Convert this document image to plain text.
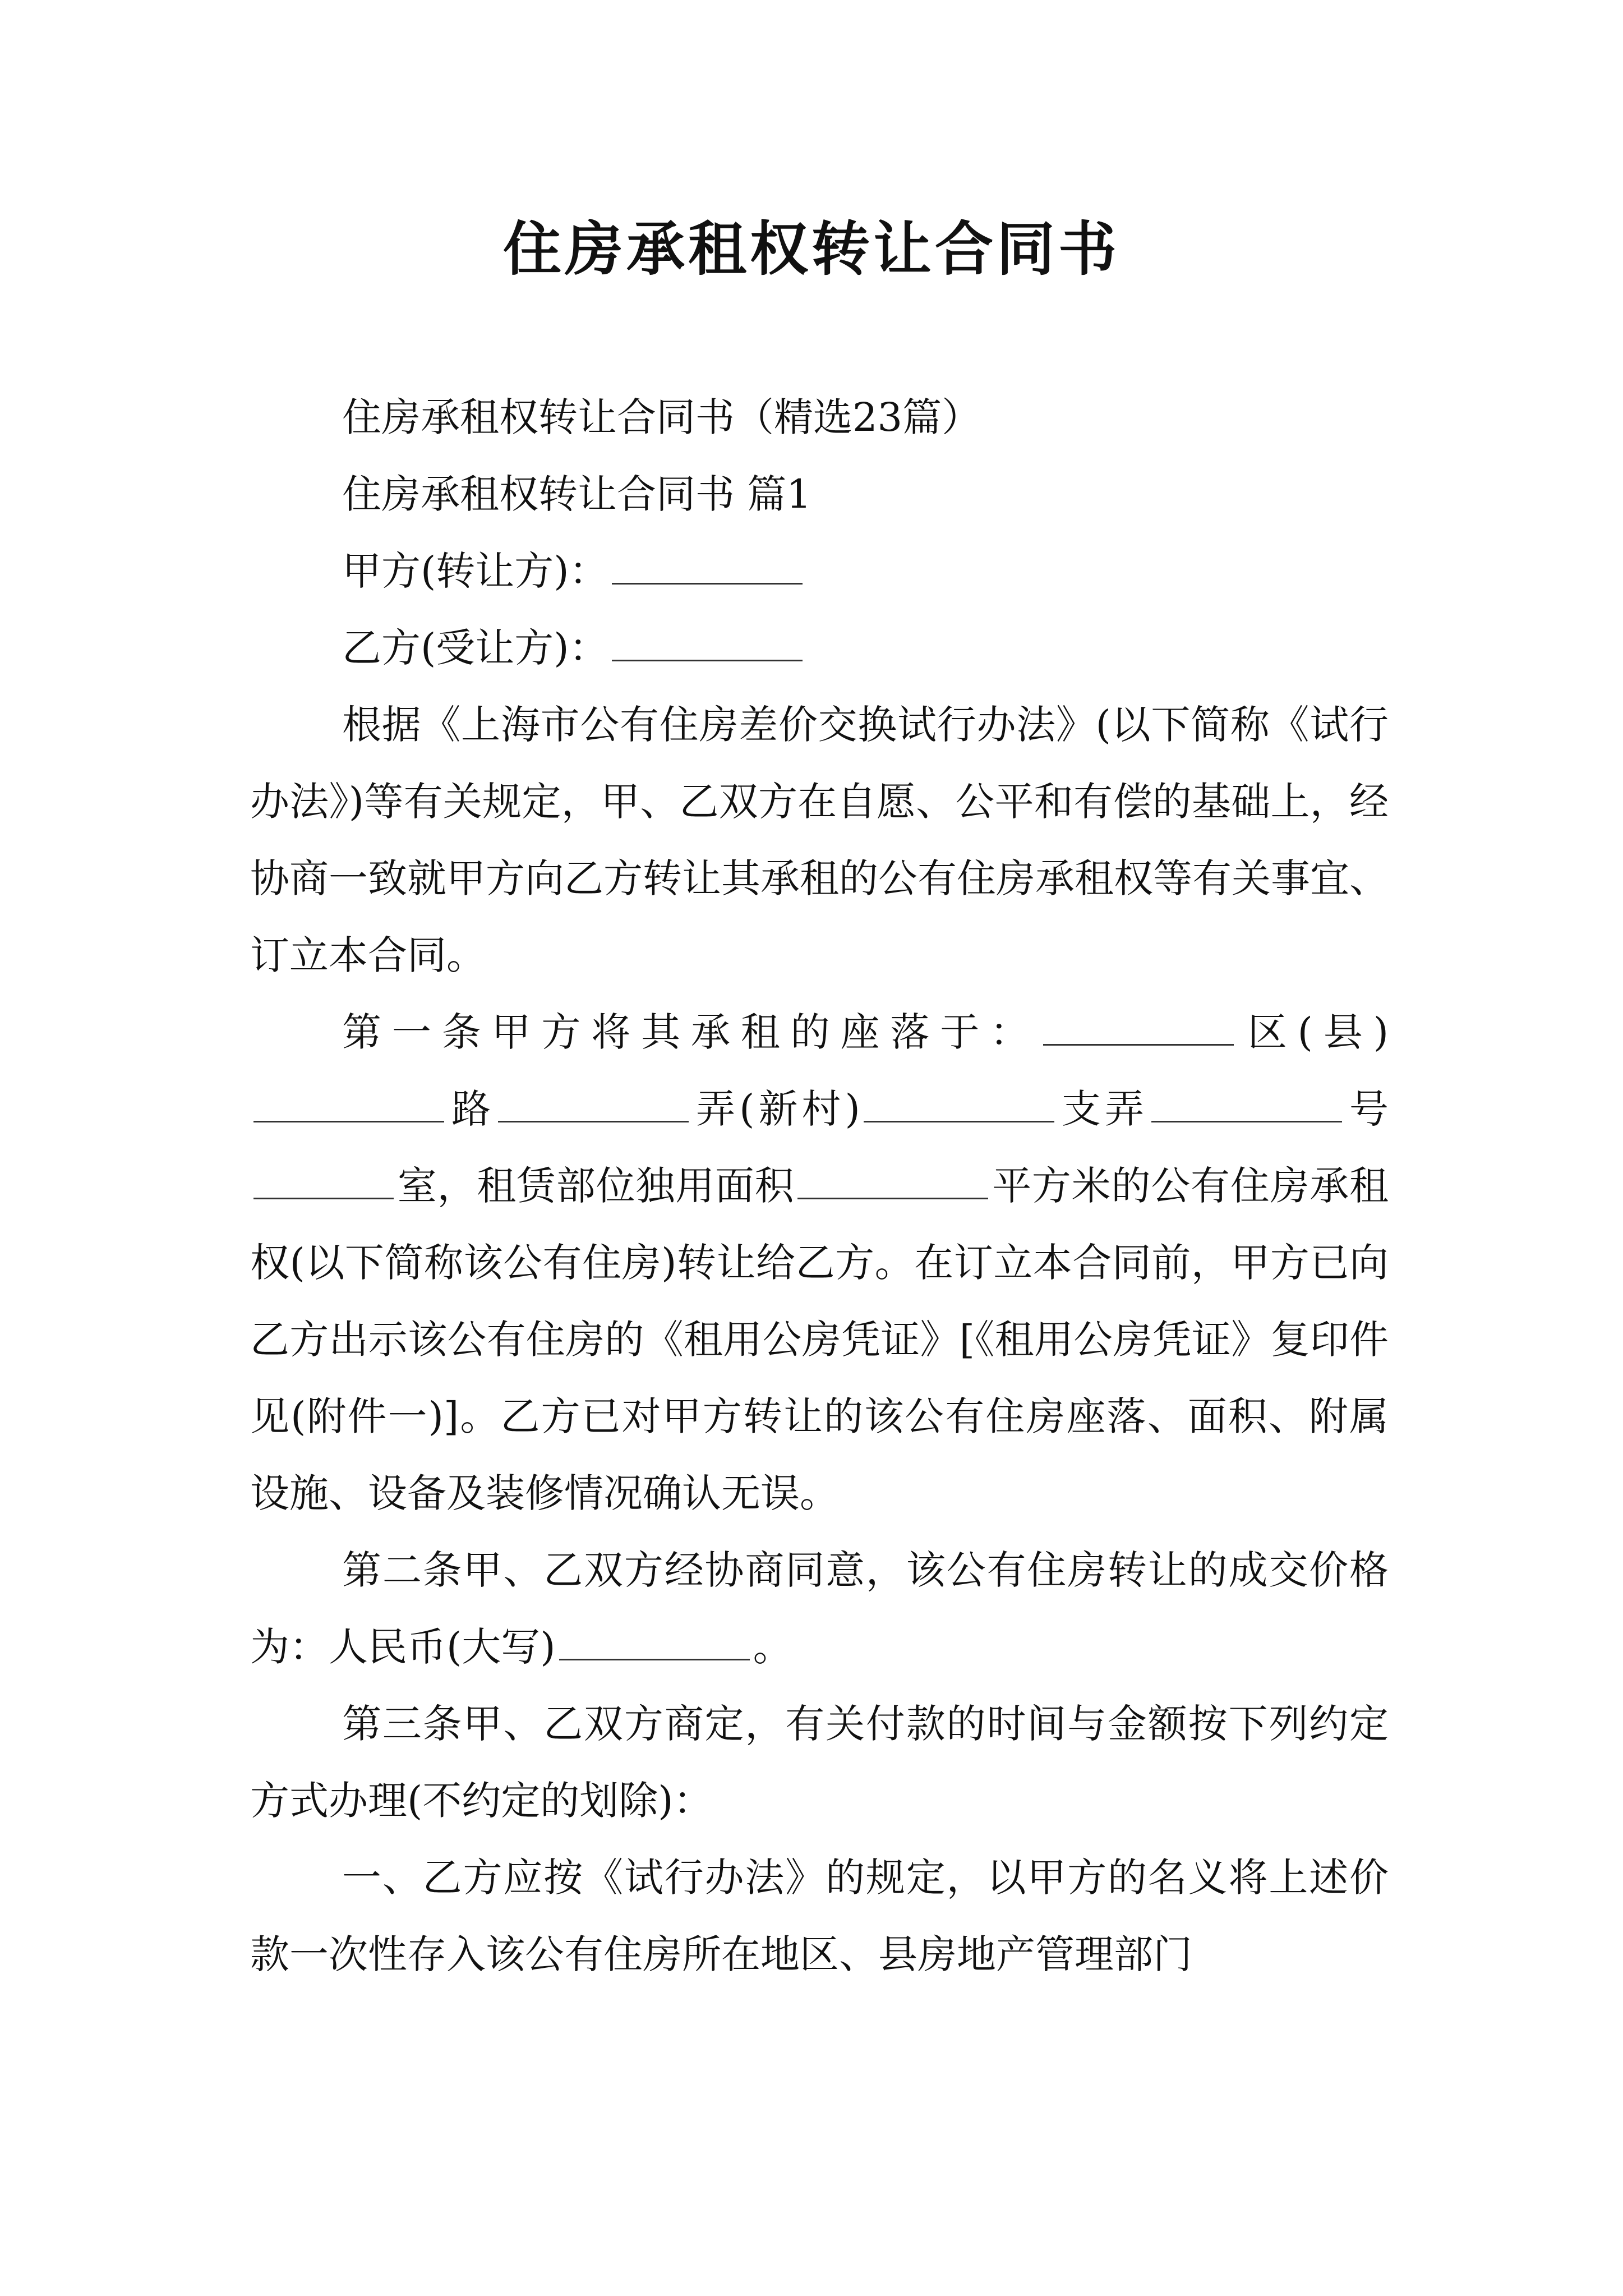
住房承租权转让合同书

住房承租权转让合同书（精选23篇）

住房承租权转让合同书 篇1

甲方(转让方)：

乙方(受让方)：

根据《上海市公有住房差价交换试行办法》(以下简称《试行办法》)等有关规定，甲、乙双方在自愿、公平和有偿的基础上，经协商一致就甲方向乙方转让其承租的公有住房承租权等有关事宜、订立本合同。

第一条甲方将其承租的座落于：	区(县)路	弄(新村)	支弄	号室，租赁部位独用面积	平方米的公有住房承租权(以下简称该公有住房)转让给乙方。在订立本合同前，甲方已向乙方出示该公有住房的《租用公房凭证》[《租用公房凭证》复印件见(附件一)]。乙方已对甲方转让的该公有住房座落、面积、附属设施、设备及装修情况确认无误。

第二条甲、乙双方经协商同意，该公有住房转让的成交价格为：人民币(大写)	。

第三条甲、乙双方商定，有关付款的时间与金额按下列约定方式办理(不约定的划除)：

一、乙方应按《试行办法》的规定，以甲方的名义将上述价款一次性存入该公有住房所在地区、县房地产管理部门
